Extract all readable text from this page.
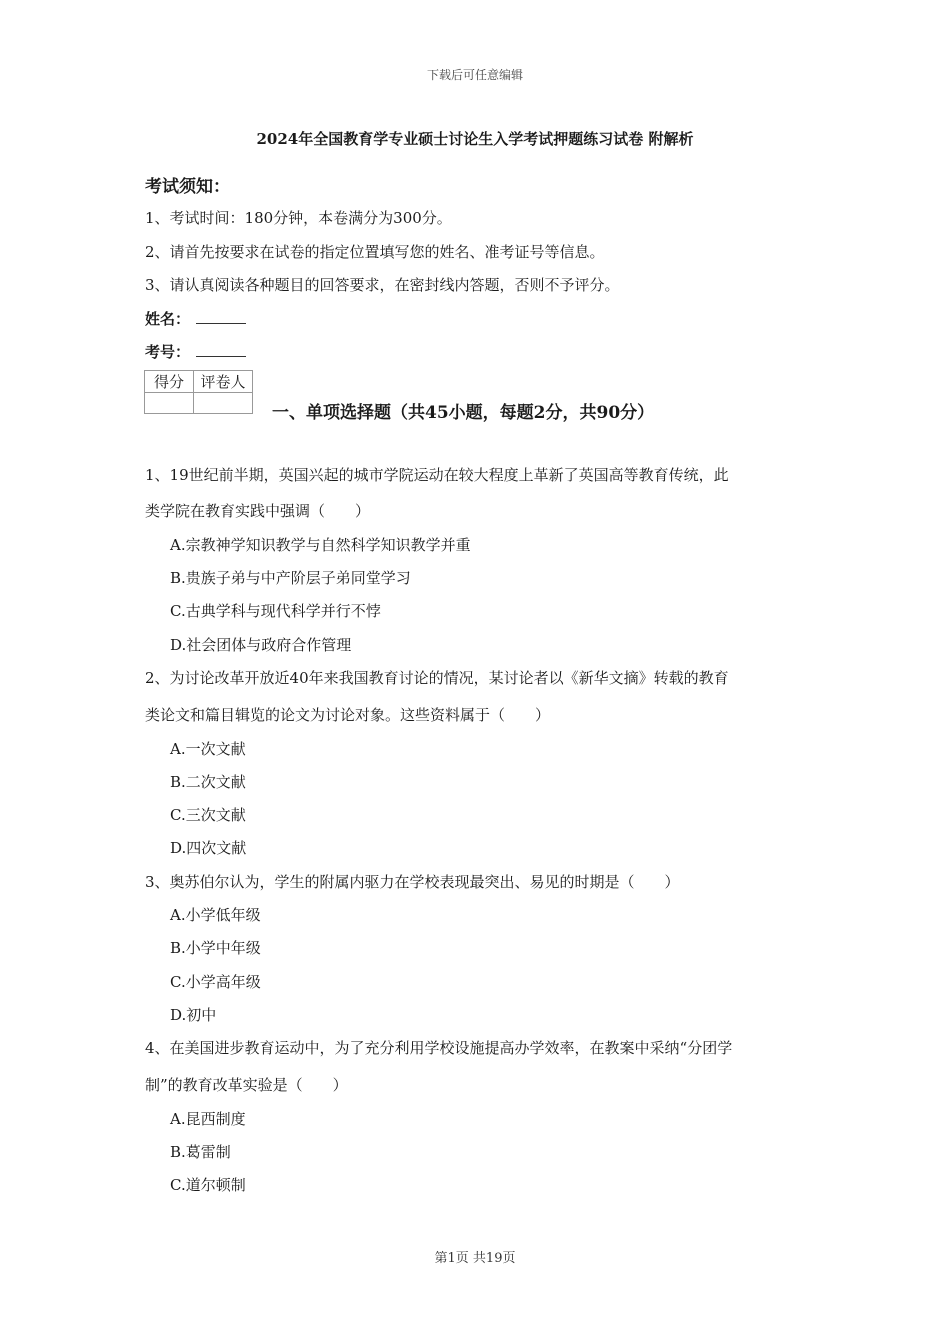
下载后可任意编辑
2024年全国教育学专业硕士讨论生入学考试押题练习试卷 附解析
考试须知：
1、考试时间：180分钟，本卷满分为300分。
2、请首先按要求在试卷的指定位置填写您的姓名、准考证号等信息。
3、请认真阅读各种题目的回答要求，在密封线内答题，否则不予评分。
姓名：
考号：
得分	评卷人

一、单项选择题（共45小题，每题2分，共90分）
1、19世纪前半期，英国兴起的城市学院运动在较大程度上革新了英国高等教育传统，此
类学院在教育实践中强调（　　）
A.宗教神学知识教学与自然科学知识教学并重
B.贵族子弟与中产阶层子弟同堂学习
C.古典学科与现代科学并行不悖
D.社会团体与政府合作管理
2、为讨论改革开放近40年来我国教育讨论的情况，某讨论者以《新华文摘》转载的教育
类论文和篇目辑览的论文为讨论对象。这些资料属于（　　）
A.一次文献
B.二次文献
C.三次文献
D.四次文献
3、奥苏伯尔认为，学生的附属内驱力在学校表现最突出、易见的时期是（　　）
A.小学低年级
B.小学中年级
C.小学高年级
D.初中
4、在美国进步教育运动中，为了充分利用学校设施提高办学效率，在教案中采纳“分团学
制”的教育改革实验是（　　）
A.昆西制度
B.葛雷制
C.道尔顿制
第1页 共19页
